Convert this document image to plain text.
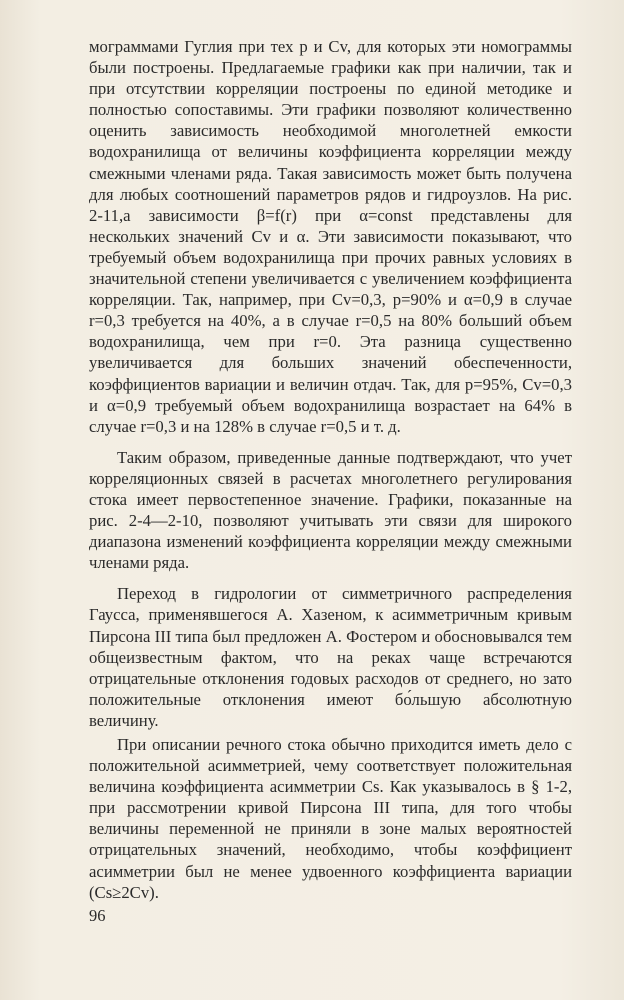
мограммами Гуглия при тех p и Cv, для которых эти номограммы были построены. Предлагаемые графики как при наличии, так и при отсутствии корреляции построены по единой методике и полностью сопоставимы. Эти графики позволяют количественно оценить зависимость необходимой многолетней емкости водохранилища от величины коэффициента корреляции между смежными членами ряда. Такая зависимость может быть получена для любых соотношений параметров рядов и гидроузлов. На рис. 2-11,а зависимости β=f(r) при α=const представлены для нескольких значений Cv и α. Эти зависимости показывают, что требуемый объем водохранилища при прочих равных условиях в значительной степени увеличивается с увеличением коэффициента корреляции. Так, например, при Cv=0,3, p=90% и α=0,9 в случае r=0,3 требуется на 40%, а в случае r=0,5 на 80% больший объем водохранилища, чем при r=0. Эта разница существенно увеличивается для больших значений обеспеченности, коэффициентов вариации и величин отдач. Так, для p=95%, Cv=0,3 и α=0,9 требуемый объем водохранилища возрастает на 64% в случае r=0,3 и на 128% в случае r=0,5 и т. д.

Таким образом, приведенные данные подтверждают, что учет корреляционных связей в расчетах многолетнего регулирования стока имеет первостепенное значение. Графики, показанные на рис. 2-4—2-10, позволяют учитывать эти связи для широкого диапазона изменений коэффициента корреляции между смежными членами ряда.

Переход в гидрологии от симметричного распределения Гаусса, применявшегося А. Хазеном, к асимметричным кривым Пирсона III типа был предложен А. Фостером и обосновывался тем общеизвестным фактом, что на реках чаще встречаются отрицательные отклонения годовых расходов от среднего, но зато положительные отклонения имеют бо́льшую абсолютную величину.

При описании речного стока обычно приходится иметь дело с положительной асимметрией, чему соответствует положительная величина коэффициента асимметрии Cs. Как указывалось в § 1-2, при рассмотрении кривой Пирсона III типа, для того чтобы величины переменной не приняли в зоне малых вероятностей отрицательных значений, необходимо, чтобы коэффициент асимметрии был не менее удвоенного коэффициента вариации (Cs≥2Cv).

96
